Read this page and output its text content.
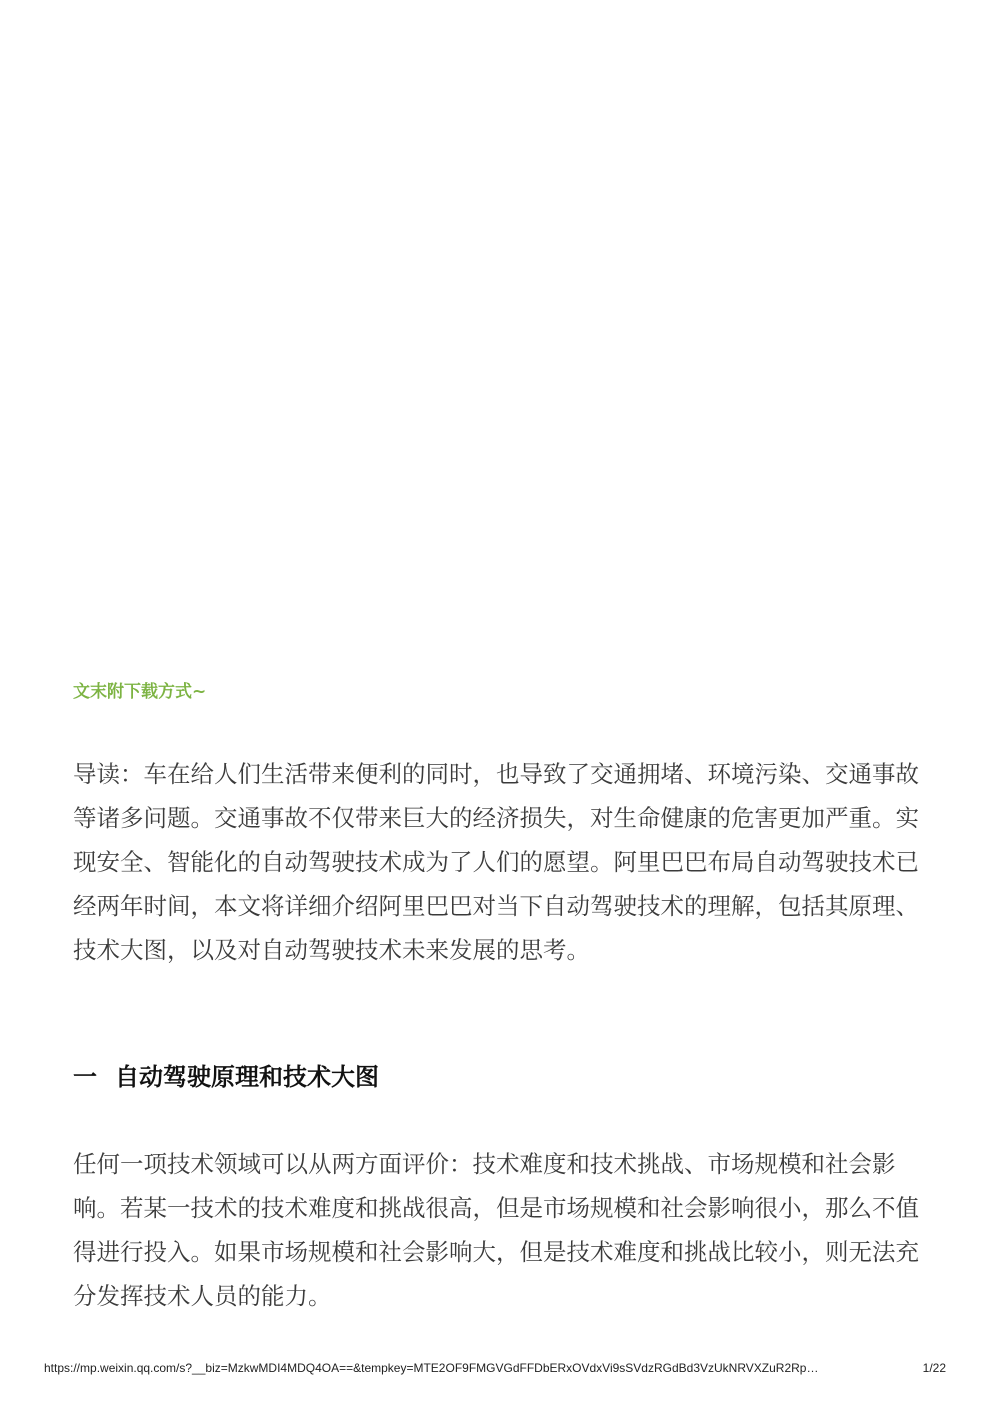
文末附下载方式~

导读：车在给人们生活带来便利的同时，也导致了交通拥堵、环境污染、交通事故等诸多问题。交通事故不仅带来巨大的经济损失，对生命健康的危害更加严重。实现安全、智能化的自动驾驶技术成为了人们的愿望。阿里巴巴布局自动驾驶技术已经两年时间，本文将详细介绍阿里巴巴对当下自动驾驶技术的理解，包括其原理、技术大图，以及对自动驾驶技术未来发展的思考。

一 自动驾驶原理和技术大图

任何一项技术领域可以从两方面评价：技术难度和技术挑战、市场规模和社会影响。若某一技术的技术难度和挑战很高，但是市场规模和社会影响很小，那么不值得进行投入。如果市场规模和社会影响大，但是技术难度和挑战比较小，则无法充分发挥技术人员的能力。

https://mp.weixin.qq.com/s?__biz=MzkwMDI4MDQ4OA==&tempkey=MTE2OF9FMGVGdFFDbERxOVdxVi9sSVdzRGdBd3VzUkNRVXZuR2Rp…	1/22
